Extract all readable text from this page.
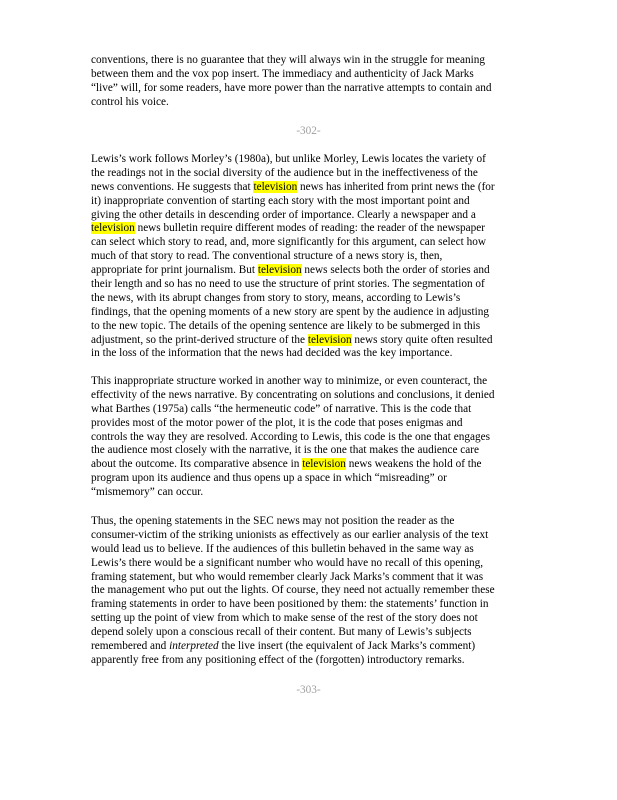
conventions, there is no guarantee that they will always win in the struggle for meaning
between them and the vox pop insert. The immediacy and authenticity of Jack Marks
“live” will, for some readers, have more power than the narrative attempts to contain and
control his voice.
-302-
Lewis’s work follows Morley’s (1980a), but unlike Morley, Lewis locates the variety of
the readings not in the social diversity of the audience but in the ineffectiveness of the
news conventions. He suggests that television news has inherited from print news the (for
it) inappropriate convention of starting each story with the most important point and
giving the other details in descending order of importance. Clearly a newspaper and a
television news bulletin require different modes of reading: the reader of the newspaper
can select which story to read, and, more significantly for this argument, can select how
much of that story to read. The conventional structure of a news story is, then,
appropriate for print journalism. But television news selects both the order of stories and
their length and so has no need to use the structure of print stories. The segmentation of
the news, with its abrupt changes from story to story, means, according to Lewis’s
findings, that the opening moments of a new story are spent by the audience in adjusting
to the new topic. The details of the opening sentence are likely to be submerged in this
adjustment, so the print-derived structure of the television news story quite often resulted
in the loss of the information that the news had decided was the key importance.
This inappropriate structure worked in another way to minimize, or even counteract, the
effectivity of the news narrative. By concentrating on solutions and conclusions, it denied
what Barthes (1975a) calls “the hermeneutic code” of narrative. This is the code that
provides most of the motor power of the plot, it is the code that poses enigmas and
controls the way they are resolved. According to Lewis, this code is the one that engages
the audience most closely with the narrative, it is the one that makes the audience care
about the outcome. Its comparative absence in television news weakens the hold of the
program upon its audience and thus opens up a space in which “misreading” or
“mismemory” can occur.
Thus, the opening statements in the SEC news may not position the reader as the
consumer-victim of the striking unionists as effectively as our earlier analysis of the text
would lead us to believe. If the audiences of this bulletin behaved in the same way as
Lewis’s there would be a significant number who would have no recall of this opening,
framing statement, but who would remember clearly Jack Marks’s comment that it was
the management who put out the lights. Of course, they need not actually remember these
framing statements in order to have been positioned by them: the statements’ function in
setting up the point of view from which to make sense of the rest of the story does not
depend solely upon a conscious recall of their content. But many of Lewis’s subjects
remembered and interpreted the live insert (the equivalent of Jack Marks’s comment)
apparently free from any positioning effect of the (forgotten) introductory remarks.
-303-
